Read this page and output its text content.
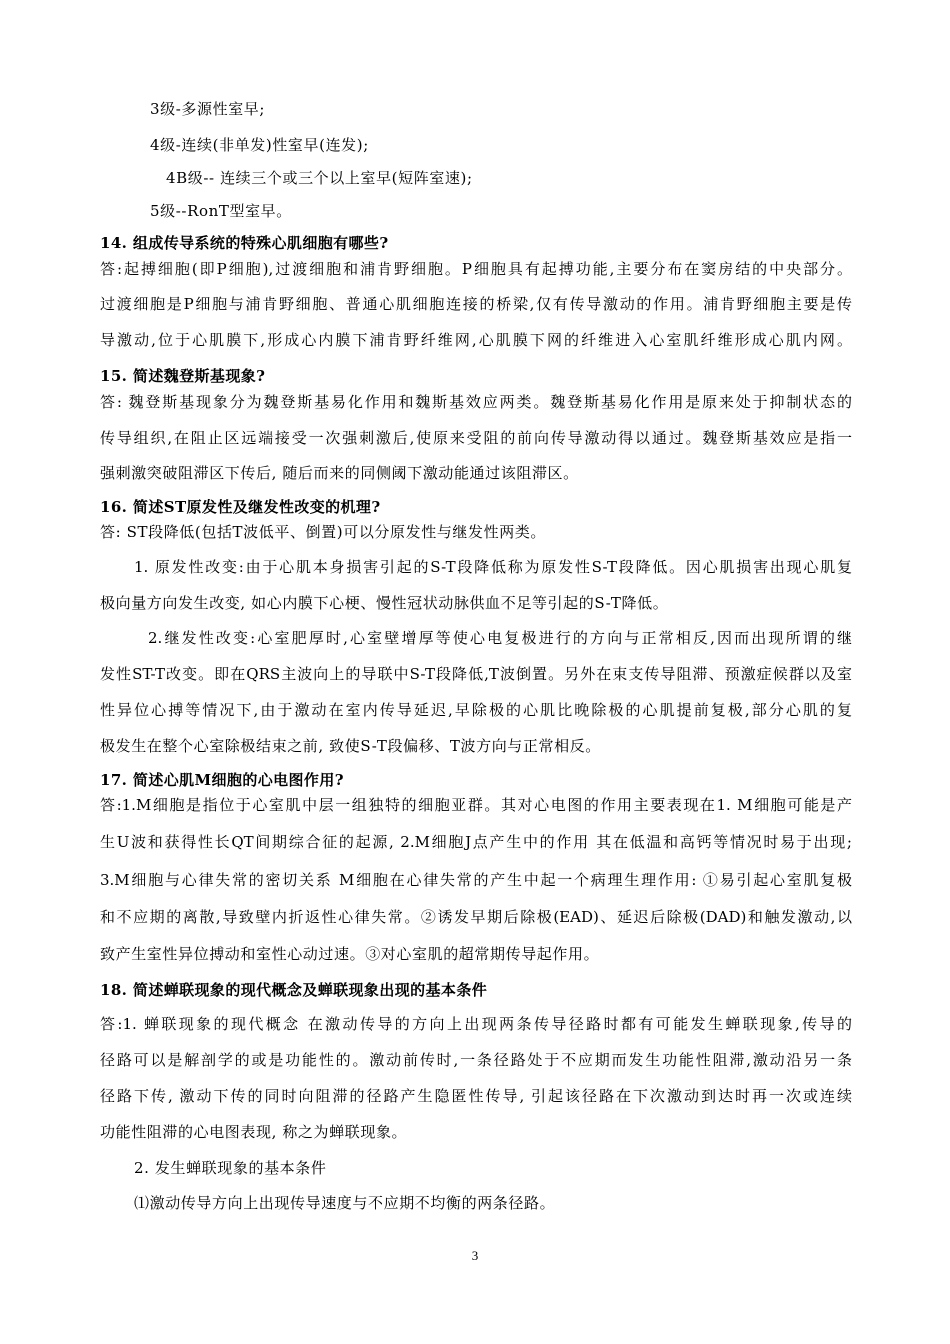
3级-多源性室早;
4级-连续(非单发)性室早(连发);
4B级-- 连续三个或三个以上室早(短阵室速);
5级--RonT型室早。
14. 组成传导系统的特殊心肌细胞有哪些?
答:起搏细胞(即P细胞),过渡细胞和浦肯野细胞。P细胞具有起搏功能,主要分布在窦房结的中央部分。
过渡细胞是P细胞与浦肯野细胞、普通心肌细胞连接的桥梁,仅有传导激动的作用。浦肯野细胞主要是传
导激动,位于心肌膜下,形成心内膜下浦肯野纤维网,心肌膜下网的纤维进入心室肌纤维形成心肌内网。
15. 简述魏登斯基现象?
答: 魏登斯基现象分为魏登斯基易化作用和魏斯基效应两类。魏登斯基易化作用是原来处于抑制状态的
传导组织,在阻止区远端接受一次强刺激后,使原来受阻的前向传导激动得以通过。魏登斯基效应是指一
强刺激突破阻滞区下传后, 随后而来的同侧阈下激动能通过该阻滞区。
16. 简述ST原发性及继发性改变的机理?
答: ST段降低(包括T波低平、倒置)可以分原发性与继发性两类。
1. 原发性改变:由于心肌本身损害引起的S-T段降低称为原发性S-T段降低。因心肌损害出现心肌复
极向量方向发生改变, 如心内膜下心梗、慢性冠状动脉供血不足等引起的S-T降低。
2.继发性改变:心室肥厚时,心室壁增厚等使心电复极进行的方向与正常相反,因而出现所谓的继
发性ST-T改变。即在QRS主波向上的导联中S-T段降低,T波倒置。另外在束支传导阻滞、预激症候群以及室
性异位心搏等情况下,由于激动在室内传导延迟,早除极的心肌比晚除极的心肌提前复极,部分心肌的复
极发生在整个心室除极结束之前, 致使S-T段偏移、T波方向与正常相反。
17. 简述心肌M细胞的心电图作用?
答:1.M细胞是指位于心室肌中层一组独特的细胞亚群。其对心电图的作用主要表现在1. M细胞可能是产
生U波和获得性长QT间期综合征的起源, 2.M细胞J点产生中的作用 其在低温和高钙等情况时易于出现;
3.M细胞与心律失常的密切关系 M细胞在心律失常的产生中起一个病理生理作用: ①易引起心室肌复极
和不应期的离散,导致壁内折返性心律失常。②诱发早期后除极(EAD)、延迟后除极(DAD)和触发激动,以
致产生室性异位搏动和室性心动过速。③对心室肌的超常期传导起作用。
18. 简述蝉联现象的现代概念及蝉联现象出现的基本条件
答:1. 蝉联现象的现代概念 在激动传导的方向上出现两条传导径路时都有可能发生蝉联现象,传导的
径路可以是解剖学的或是功能性的。激动前传时,一条径路处于不应期而发生功能性阻滞,激动沿另一条
径路下传, 激动下传的同时向阻滞的径路产生隐匿性传导, 引起该径路在下次激动到达时再一次或连续
功能性阻滞的心电图表现, 称之为蝉联现象。
2. 发生蝉联现象的基本条件
⑴激动传导方向上出现传导速度与不应期不均衡的两条径路。
3
